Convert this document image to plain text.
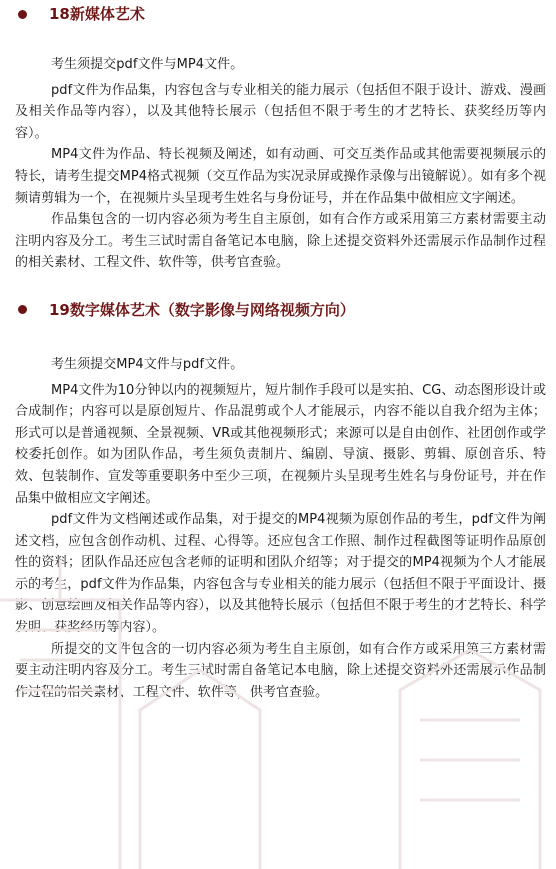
18新媒体艺术

考生须提交pdf文件与MP4文件。

pdf文件为作品集，内容包含与专业相关的能力展示（包括但不限于设计、游戏、漫画及相关作品等内容），以及其他特长展示（包括但不限于考生的才艺特长、获奖经历等内容）。

MP4文件为作品、特长视频及阐述，如有动画、可交互类作品或其他需要视频展示的特长，请考生提交MP4格式视频（交互作品为实况录屏或操作录像与出镜解说）。如有多个视频请剪辑为一个，在视频片头呈现考生姓名与身份证号，并在作品集中做相应文字阐述。

作品集包含的一切内容必须为考生自主原创，如有合作方或采用第三方素材需要主动注明内容及分工。考生三试时需自备笔记本电脑，除上述提交资料外还需展示作品制作过程的相关素材、工程文件、软件等，供考官查验。

19数字媒体艺术（数字影像与网络视频方向）

考生须提交MP4文件与pdf文件。

MP4文件为10分钟以内的视频短片，短片制作手段可以是实拍、CG、动态图形设计或合成制作；内容可以是原创短片、作品混剪或个人才能展示，内容不能以自我介绍为主体；形式可以是普通视频、全景视频、VR或其他视频形式；来源可以是自由创作、社团创作或学校委托创作。如为团队作品，考生须负责制片、编剧、导演、摄影、剪辑、原创音乐、特效、包装制作、宣发等重要职务中至少三项，在视频片头呈现考生姓名与身份证号，并在作品集中做相应文字阐述。

pdf文件为文档阐述或作品集，对于提交的MP4视频为原创作品的考生，pdf文件为阐述文档，应包含创作动机、过程、心得等。还应包含工作照、制作过程截图等证明作品原创性的资料；团队作品还应包含老师的证明和团队介绍等；对于提交的MP4视频为个人才能展示的考生，pdf文件为作品集，内容包含与专业相关的能力展示（包括但不限于平面设计、摄影、创意绘画及相关作品等内容），以及其他特长展示（包括但不限于考生的才艺特长、科学发明、获奖经历等内容）。

所提交的文件包含的一切内容必须为考生自主原创，如有合作方或采用第三方素材需要主动注明内容及分工。考生三试时需自备笔记本电脑，除上述提交资料外还需展示作品制作过程的相关素材、工程文件、软件等，供考官查验。
